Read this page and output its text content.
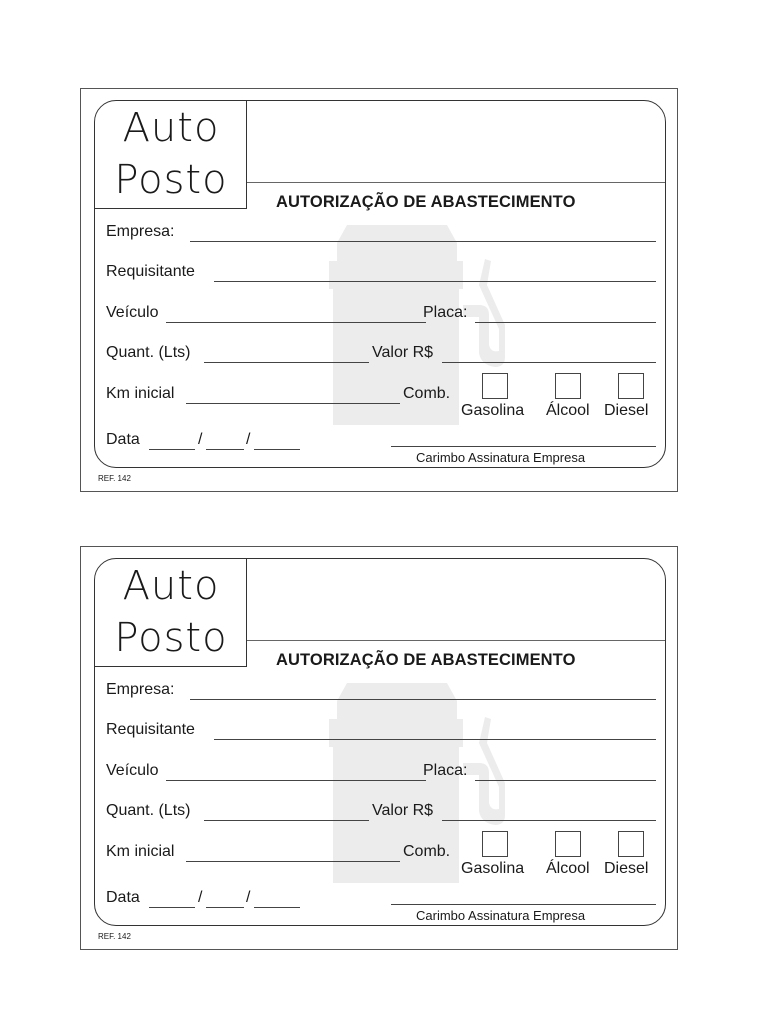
Auto
Posto	AUTORIZAÇÃO DE ABASTECIMENTO
Empresa:
Requisitante
Veículo	Placa:
Quant. (Lts)	Valor R$
Km inicial	Comb.
Gasolina Álcool Diesel
Data	/	/
Carimbo Assinatura Empresa
REF. 142
Auto
Posto	AUTORIZAÇÃO DE ABASTECIMENTO
Empresa:
Requisitante
Veículo	Placa:
Quant. (Lts)	Valor R$
Km inicial	Comb.
Gasolina Álcool Diesel
Data	/	/
Carimbo Assinatura Empresa
REF. 142
